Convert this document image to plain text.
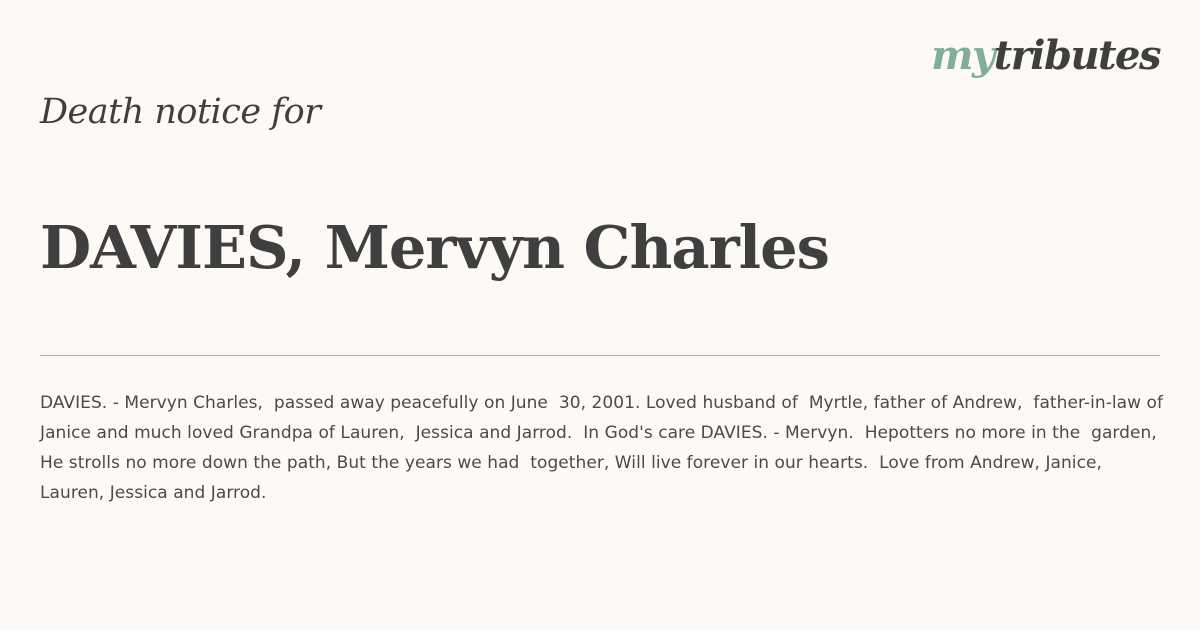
mytributes
Death notice for
DAVIES, Mervyn Charles

DAVIES. - Mervyn Charles,  passed away peacefully on June  30, 2001. Loved husband of  Myrtle, father of Andrew,  father-in-law of Janice and much loved Grandpa of Lauren,  Jessica and Jarrod.  In God's care DAVIES. - Mervyn.  Hepotters no more in the  garden, He strolls no more down the path, But the years we had  together, Will live forever in our hearts.  Love from Andrew, Janice,  Lauren, Jessica and Jarrod.
